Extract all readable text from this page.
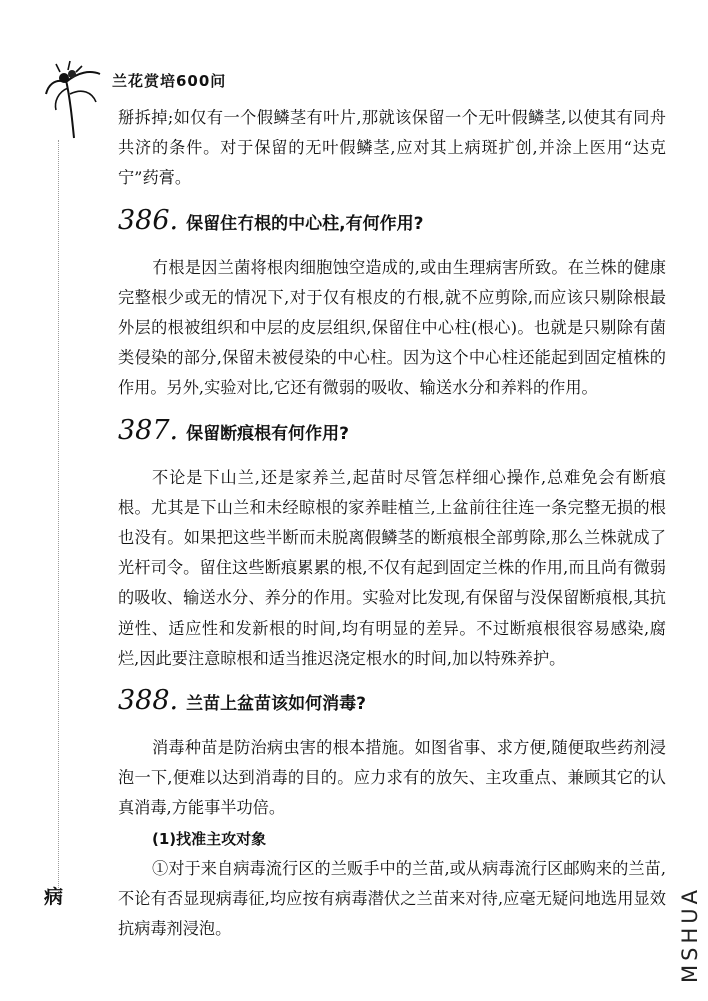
兰花赏培600问
病	MSHUA

掰拆掉;如仅有一个假鳞茎有叶片,那就该保留一个无叶假鳞茎,以使其有同舟共济的条件。对于保留的无叶假鳞茎,应对其上病斑扩创,并涂上医用“达克宁”药膏。

386. 保留住冇根的中心柱,有何作用?

冇根是因兰菌将根肉细胞蚀空造成的,或由生理病害所致。在兰株的健康完整根少或无的情况下,对于仅有根皮的冇根,就不应剪除,而应该只剔除根最外层的根被组织和中层的皮层组织,保留住中心柱(根心)。也就是只剔除有菌类侵染的部分,保留未被侵染的中心柱。因为这个中心柱还能起到固定植株的作用。另外,实验对比,它还有微弱的吸收、输送水分和养料的作用。

387. 保留断痕根有何作用?

不论是下山兰,还是家养兰,起苗时尽管怎样细心操作,总难免会有断痕根。尤其是下山兰和未经晾根的家养畦植兰,上盆前往往连一条完整无损的根也没有。如果把这些半断而未脱离假鳞茎的断痕根全部剪除,那么兰株就成了光杆司令。留住这些断痕累累的根,不仅有起到固定兰株的作用,而且尚有微弱的吸收、输送水分、养分的作用。实验对比发现,有保留与没保留断痕根,其抗逆性、适应性和发新根的时间,均有明显的差异。不过断痕根很容易感染,腐烂,因此要注意晾根和适当推迟浇定根水的时间,加以特殊养护。

388. 兰苗上盆苗该如何消毒?

消毒种苗是防治病虫害的根本措施。如图省事、求方便,随便取些药剂浸泡一下,便难以达到消毒的目的。应力求有的放矢、主攻重点、兼顾其它的认真消毒,方能事半功倍。

(1)找准主攻对象

①对于来自病毒流行区的兰贩手中的兰苗,或从病毒流行区邮购来的兰苗,不论有否显现病毒征,均应按有病毒潜伏之兰苗来对待,应毫无疑问地选用显效抗病毒剂浸泡。
